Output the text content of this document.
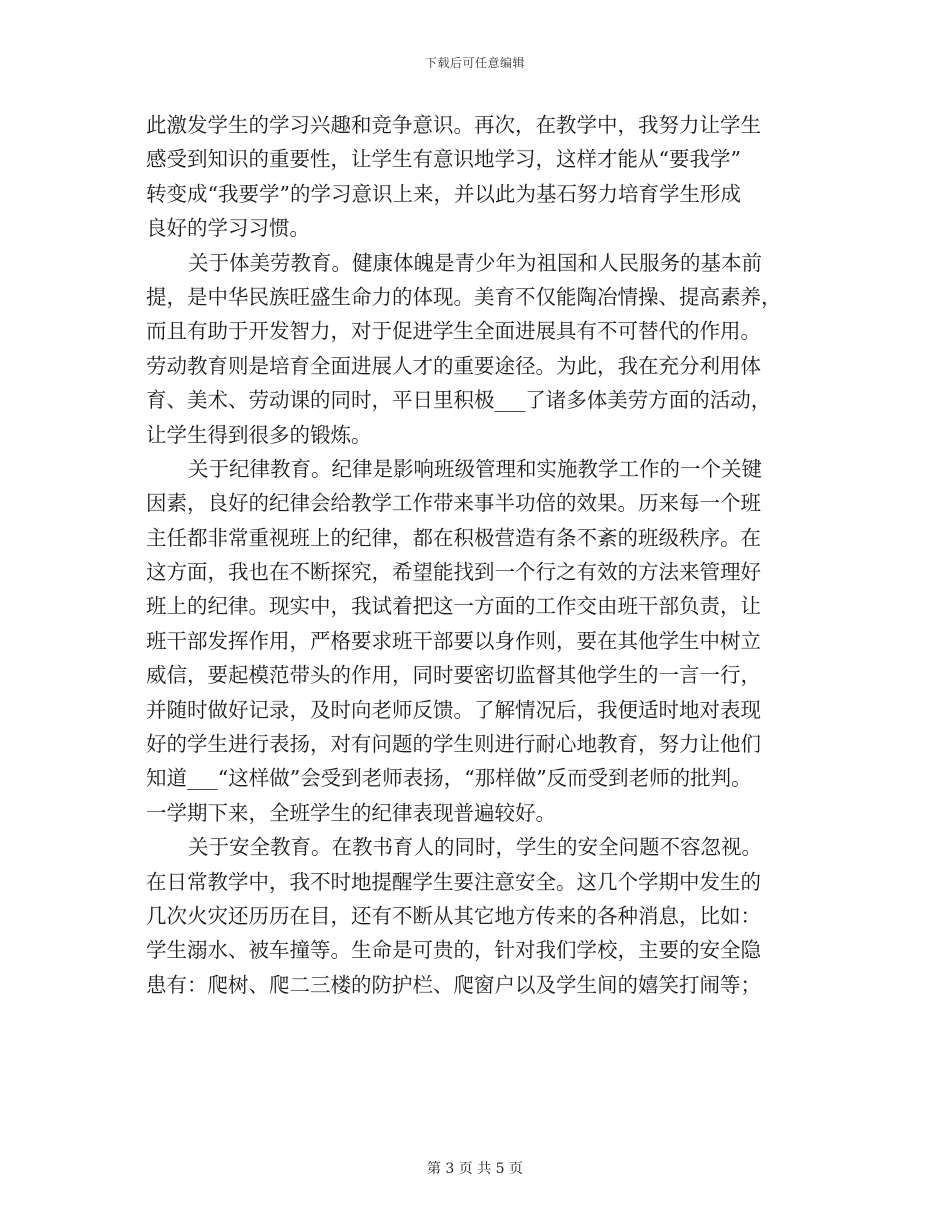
下载后可任意编辑
此激发学生的学习兴趣和竞争意识。再次，在教学中，我努力让学生
感受到知识的重要性，让学生有意识地学习，这样才能从“要我学”
转变成“我要学”的学习意识上来，并以此为基石努力培育学生形成
良好的学习习惯。
关于体美劳教育。健康体魄是青少年为祖国和人民服务的基本前
提，是中华民族旺盛生命力的体现。美育不仅能陶冶情操、提高素养，
而且有助于开发智力，对于促进学生全面进展具有不可替代的作用。
劳动教育则是培育全面进展人才的重要途径。为此，我在充分利用体
育、美术、劳动课的同时，平日里积极___了诸多体美劳方面的活动，
让学生得到很多的锻炼。
关于纪律教育。纪律是影响班级管理和实施教学工作的一个关键
因素，良好的纪律会给教学工作带来事半功倍的效果。历来每一个班
主任都非常重视班上的纪律，都在积极营造有条不紊的班级秩序。在
这方面，我也在不断探究，希望能找到一个行之有效的方法来管理好
班上的纪律。现实中，我试着把这一方面的工作交由班干部负责，让
班干部发挥作用，严格要求班干部要以身作则，要在其他学生中树立
威信，要起模范带头的作用，同时要密切监督其他学生的一言一行，
并随时做好记录，及时向老师反馈。了解情况后，我便适时地对表现
好的学生进行表扬，对有问题的学生则进行耐心地教育，努力让他们
知道___“这样做”会受到老师表扬，“那样做”反而受到老师的批判。
一学期下来，全班学生的纪律表现普遍较好。
关于安全教育。在教书育人的同时，学生的安全问题不容忽视。
在日常教学中，我不时地提醒学生要注意安全。这几个学期中发生的
几次火灾还历历在目，还有不断从其它地方传来的各种消息，比如：
学生溺水、被车撞等。生命是可贵的，针对我们学校，主要的安全隐
患有：爬树、爬二三楼的防护栏、爬窗户以及学生间的嬉笑打闹等；
第 3 页 共 5 页
